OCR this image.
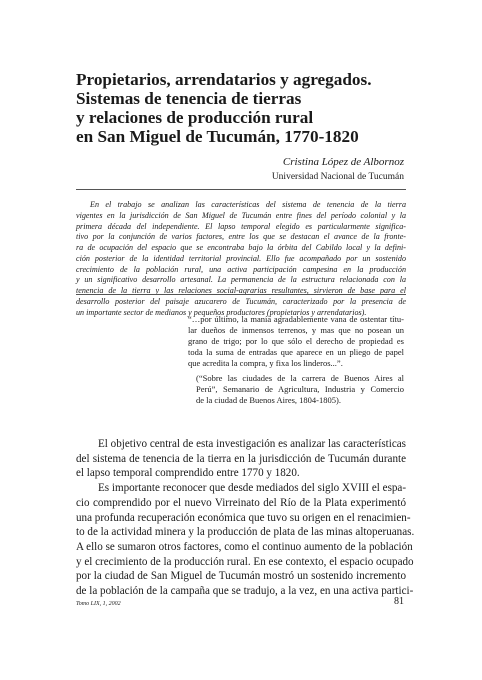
Propietarios, arrendatarios y agregados.

Sistemas de tenencia de tierras

y relaciones de producción rural

en San Miguel de Tucumán, 1770-1820

Cristina López de Albornoz
Universidad Nacional de Tucumán
En el trabajo se analizan las características del sistema de tenencia de la tierra
vigentes en la jurisdicción de San Miguel de Tucumán entre fines del período colonial y la
primera década del independiente. El lapso temporal elegido es particularmente significa-
tivo por la conjunción de varios factores, entre los que se destacan el avance de la fronte-
ra de ocupación del espacio que se encontraba bajo la órbita del Cabildo local y la defini-
ción posterior de la identidad territorial provincial. Ello fue acompañado por un sostenido
crecimiento de la población rural, una activa participación campesina en la producción
y un significativo desarrollo artesanal. La permanencia de la estructura relacionada con la
tenencia de la tierra y las relaciones social-agrarias resultantes, sirvieron de base para el
desarrollo posterior del paisaje azucarero de Tucumán, caracterizado por la presencia de
un importante sector de medianos y pequeños productores (propietarios y arrendatarios).
“…por último, la manía agradablemente vana de ostentar títu-
lar dueños de inmensos terrenos, y mas que no posean un
grano de trigo; por lo que sólo el derecho de propiedad es
toda la suma de entradas que aparece en un pliego de papel
que acredita la compra, y fixa los linderos...”.
(“Sobre las ciudades de la carrera de Buenos Aires al
Perú”, Semanario de Agricultura, Industria y Comercio
de la ciudad de Buenos Aires, 1804-1805).
El objetivo central de esta investigación es analizar las características
del sistema de tenencia de la tierra en la jurisdicción de Tucumán durante
el lapso temporal comprendido entre 1770 y 1820.
Es importante reconocer que desde mediados del siglo XVIII el espa-
cio comprendido por el nuevo Virreinato del Río de la Plata experimentó
una profunda recuperación económica que tuvo su origen en el renacimien-
to de la actividad minera y la producción de plata de las minas altoperuanas.
A ello se sumaron otros factores, como el continuo aumento de la población
y el crecimiento de la producción rural. En ese contexto, el espacio ocupado
por la ciudad de San Miguel de Tucumán mostró un sostenido incremento
de la población de la campaña que se tradujo, a la vez, en una activa partici-
Tomo LIX, 1, 2002	81
